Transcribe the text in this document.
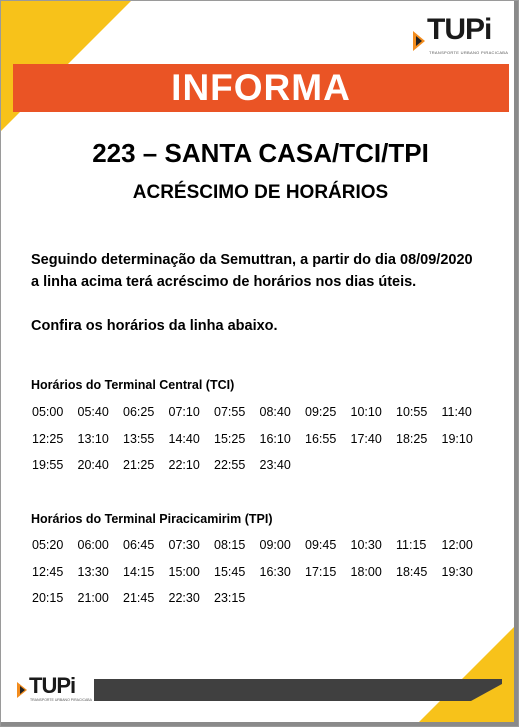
TUPi
TRANSPORTE URBANO PIRACICABA
INFORMA
223 – SANTA CASA/TCI/TPI
ACRÉSCIMO DE HORÁRIOS
Seguindo determinação da Semuttran, a partir do dia 08/09/2020 a linha acima terá acréscimo de horários nos dias úteis.
Confira os horários da linha abaixo.
Horários do Terminal Central (TCI)
05:00	05:40	06:25	07:10	07:55	08:40	09:25	10:10	10:55	11:40
12:25	13:10	13:55	14:40	15:25	16:10	16:55	17:40	18:25	19:10
19:55	20:40	21:25	22:10	22:55	23:40
Horários do Terminal Piracicamirim (TPI)
05:20	06:00	06:45	07:30	08:15	09:00	09:45	10:30	11:15	12:00
12:45	13:30	14:15	15:00	15:45	16:30	17:15	18:00	18:45	19:30
20:15	21:00	21:45	22:30	23:15
TUPi
TRANSPORTE URBANO PIRACICABA
